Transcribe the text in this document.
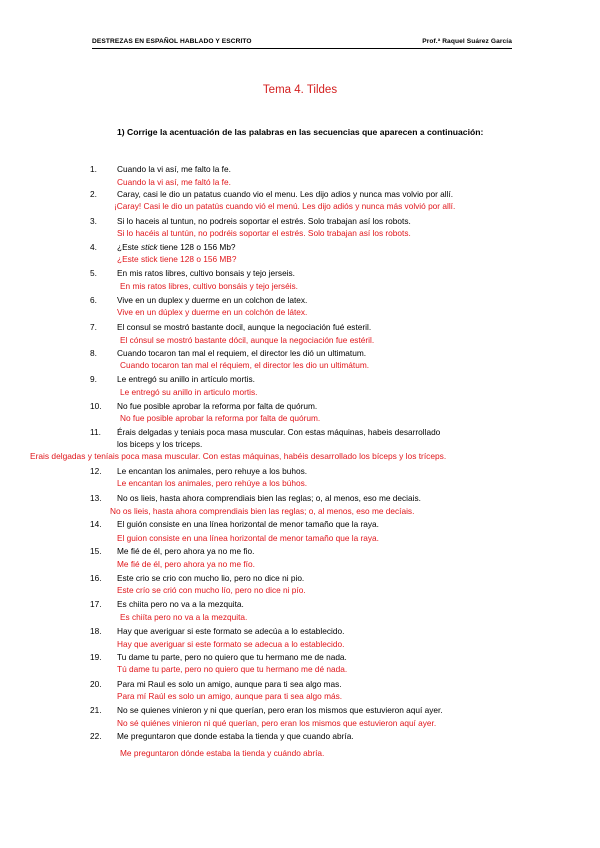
DESTREZAS EN ESPAÑOL HABLADO Y ESCRITO	Prof.ª Raquel Suárez García
Tema 4. Tildes
1) Corrige la acentuación de las palabras en las secuencias que aparecen a continuación:
1. Cuando la vi así, me falto la fe.
Cuando la vi así, me faltó la fe.
2. Caray, casi le dio un patatus cuando vio el menu. Les dijo adios y nunca mas volvio por allí.
¡Caray! Casi le dio un patatús cuando vió el menú. Les dijo adiós y nunca más volvió por allí.
3. Si lo haceis al tuntun, no podreis soportar el estrés. Solo trabajan así los robots.
Si lo hacéis al tuntún, no podréis soportar el estrés. Solo trabajan así los robots.
4. ¿Este stick tiene 128 o 156 Mb?
¿Este stick tiene 128 o 156 MB?
5. En mis ratos libres, cultivo bonsais y tejo jerseis.
En mis ratos libres, cultivo bonsáis y tejo jerséis.
6. Vive en un duplex y duerme en un colchon de latex.
Vive en un dúplex y duerme en un colchón de látex.
7. El consul se mostró bastante docil, aunque la negociación fué esteril.
El cónsul se mostró bastante dócil, aunque la negociación fue estéril.
8. Cuando tocaron tan mal el requiem, el director les dió un ultimatum.
Cuando tocaron tan mal el réquiem, el director les dio un ultimátum.
9. Le entregó su anillo in artículo mortis.
Le entregó su anillo in articulo mortis.
10. No fue posible aprobar la reforma por falta de quórum.
No fue posible aprobar la reforma por falta de quórum.
11. Érais delgadas y teniais poca masa muscular. Con estas máquinas, habeis desarrollado
los biceps y los triceps.
Erais delgadas y teníais poca masa muscular. Con estas máquinas, habéis desarrollado los bíceps y los tríceps.
12. Le encantan los animales, pero rehuye a los buhos.
Le encantan los animales, pero rehúye a los búhos.
13. No os lieis, hasta ahora comprendiais bien las reglas; o, al menos, eso me deciais.
No os lieis, hasta ahora comprendiais bien las reglas; o, al menos, eso me decíais.
14. El guión consiste en una línea horizontal de menor tamaño que la raya.
El guion consiste en una línea horizontal de menor tamaño que la raya.
15. Me fié de él, pero ahora ya no me fio.
Me fié de él, pero ahora ya no me fío.
16. Este crio se crio con mucho lio, pero no dice ni pio.
Este crío se crió con mucho lío, pero no dice ni pío.
17. Es chiita pero no va a la mezquita.
Es chiíta pero no va a la mezquita.
18. Hay que averiguar si este formato se adecúa a lo establecido.
Hay que averiguar si este formato se adecua a lo establecido.
19. Tu dame tu parte, pero no quiero que tu hermano me de nada.
Tú dame tu parte, pero no quiero que tu hermano me dé nada.
20. Para mi Raul es solo un amigo, aunque para ti sea algo mas.
Para mí Raúl es solo un amigo, aunque para ti sea algo más.
21. No se quienes vinieron y ni que querían, pero eran los mismos que estuvieron aquí ayer.
No sé quiénes vinieron ni qué querían, pero eran los mismos que estuvieron aquí ayer.
22. Me preguntaron que donde estaba la tienda y que cuando abría.
Me preguntaron dónde estaba la tienda y cuándo abría.
